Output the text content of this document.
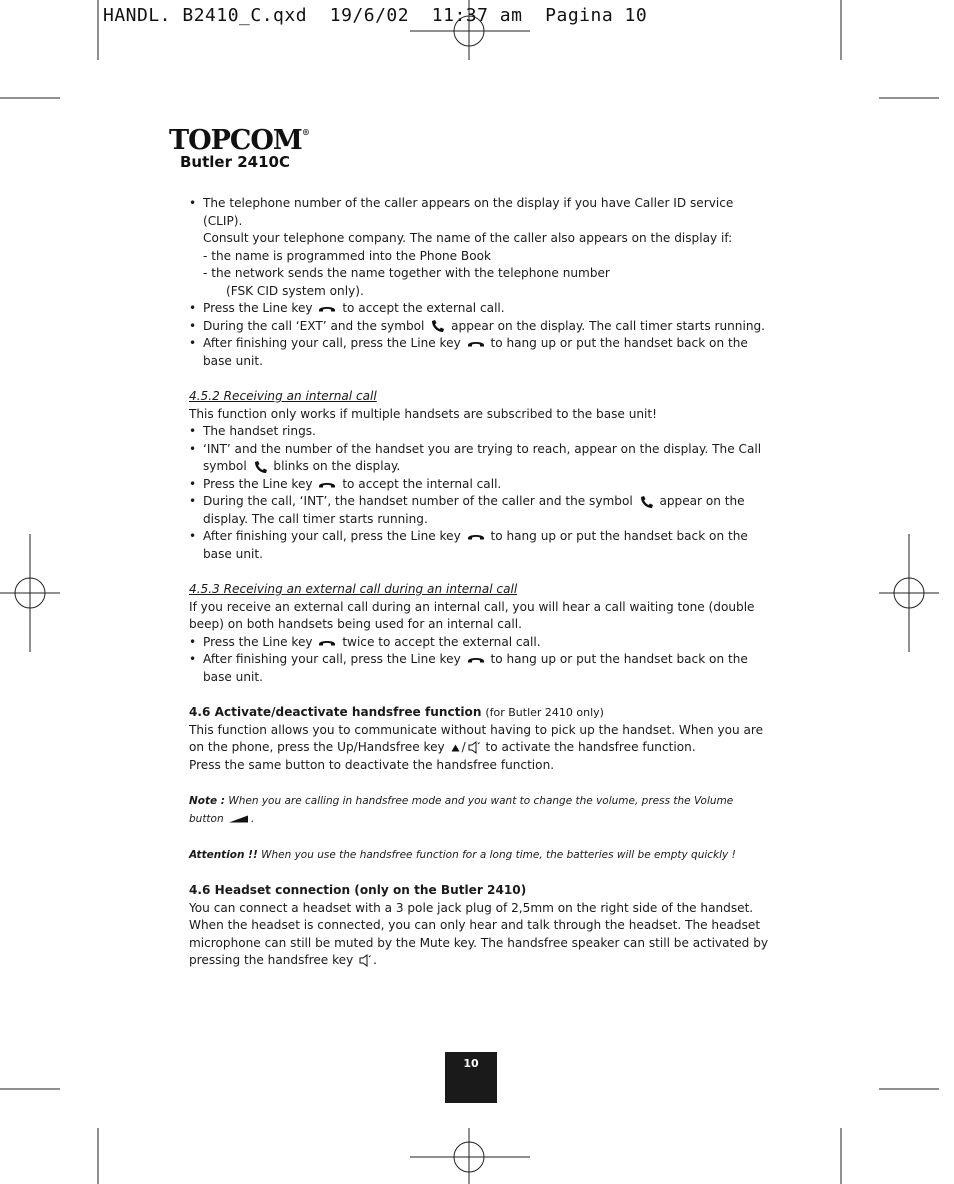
HANDL. B2410_C.qxd  19/6/02  11:37 am  Pagina 10
TOPCOM®
Butler 2410C
• The telephone number of the caller appears on the display if you have Caller ID service (CLIP).
Consult your telephone company. The name of the caller also appears on the display if:
- the name is programmed into the Phone Book
- the network sends the name together with the telephone number
(FSK CID system only).
• Press the Line key to accept the external call.
• During the call ‘EXT’ and the symbol appear on the display. The call timer starts running.
• After finishing your call, press the Line key to hang up or put the handset back on the base unit.

4.5.2 Receiving an internal call

This function only works if multiple handsets are subscribed to the base unit!

• The handset rings.
• ‘INT’ and the number of the handset you are trying to reach, appear on the display. The Call symbol blinks on the display.
• Press the Line key to accept the internal call.
• During the call, ‘INT’, the handset number of the caller and the symbol appear on the display. The call timer starts running.
• After finishing your call, press the Line key to hang up or put the handset back on the base unit.

4.5.3 Receiving an external call during an internal call

If you receive an external call during an internal call, you will hear a call waiting tone (double beep) on both handsets being used for an internal call.

• Press the Line key twice to accept the external call.
• After finishing your call, press the Line key to hang up or put the handset back on the base unit.

4.6 Activate/deactivate handsfree function (for Butler 2410 only)

This function allows you to communicate without having to pick up the handset. When you are on the phone, press the Up/Handsfree key / to activate the handsfree function.

Press the same button to deactivate the handsfree function.

Note : When you are calling in handsfree mode and you want to change the volume, press the Volume button	.

Attention !! When you use the handsfree function for a long time, the batteries will be empty quickly !

4.6 Headset connection (only on the Butler 2410)

You can connect a headset with a 3 pole jack plug of 2,5mm on the right side of the handset. When the headset is connected, you can only hear and talk through the headset. The headset microphone can still be muted by the Mute key. The handsfree speaker can still be activated by pressing the handsfree key .

10
